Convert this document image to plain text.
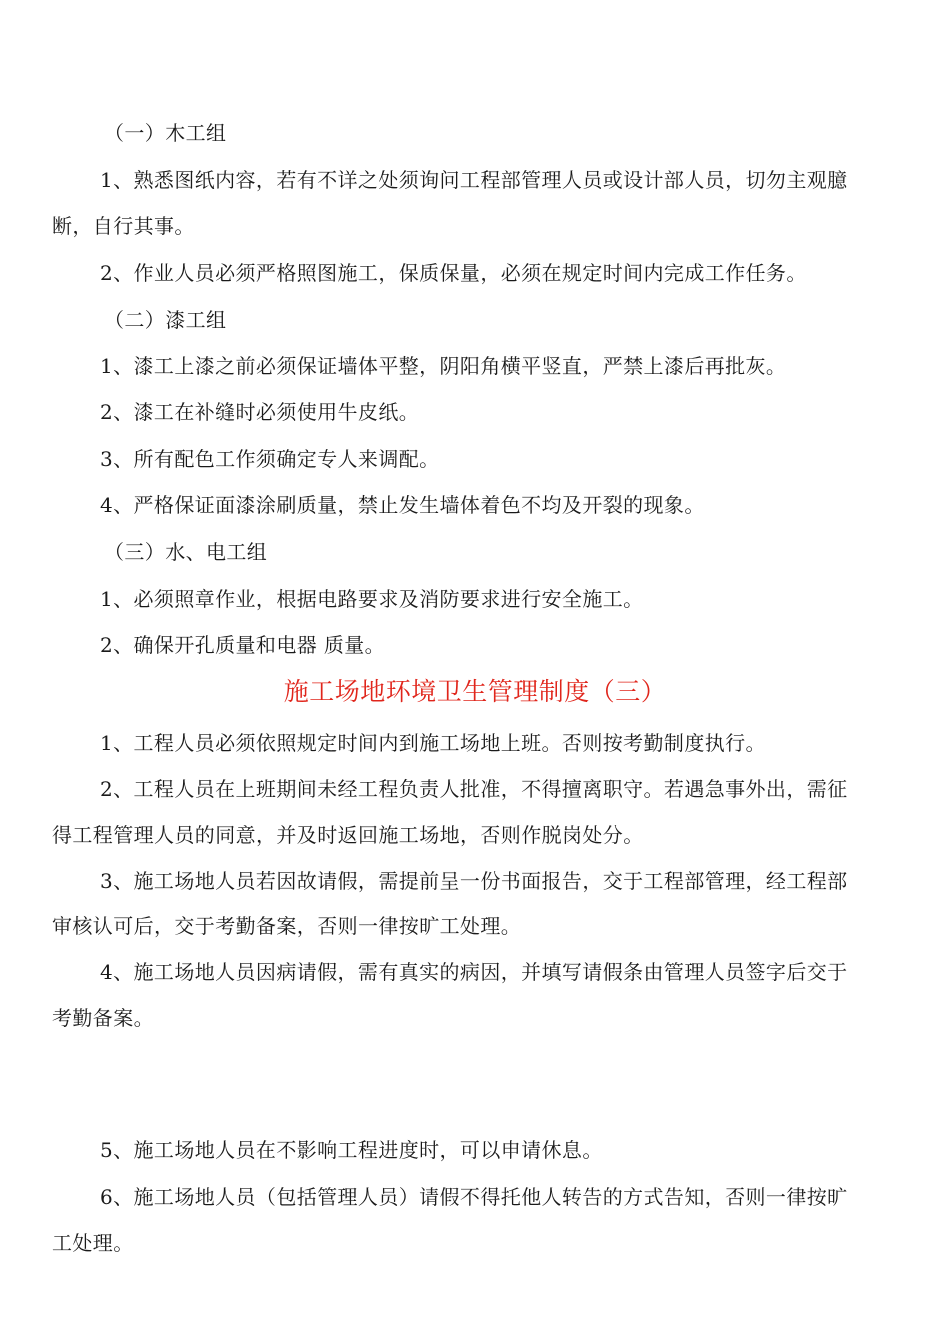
（一）木工组
1、熟悉图纸内容，若有不详之处须询问工程部管理人员或设计部人员，切勿主观臆
断，自行其事。
2、作业人员必须严格照图施工，保质保量，必须在规定时间内完成工作任务。
（二）漆工组
1、漆工上漆之前必须保证墙体平整，阴阳角横平竖直，严禁上漆后再批灰。
2、漆工在补缝时必须使用牛皮纸。
3、所有配色工作须确定专人来调配。
4、严格保证面漆涂刷质量，禁止发生墙体着色不均及开裂的现象。
（三）水、电工组
1、必须照章作业，根据电路要求及消防要求进行安全施工。
2、确保开孔质量和电器 质量。
施工场地环境卫生管理制度（三）
1、工程人员必须依照规定时间内到施工场地上班。否则按考勤制度执行。
2、工程人员在上班期间未经工程负责人批准，不得擅离职守。若遇急事外出，需征
得工程管理人员的同意，并及时返回施工场地，否则作脱岗处分。
3、施工场地人员若因故请假，需提前呈一份书面报告，交于工程部管理，经工程部
审核认可后，交于考勤备案，否则一律按旷工处理。
4、施工场地人员因病请假，需有真实的病因，并填写请假条由管理人员签字后交于
考勤备案。
5、施工场地人员在不影响工程进度时，可以申请休息。
6、施工场地人员（包括管理人员）请假不得托他人转告的方式告知，否则一律按旷
工处理。
